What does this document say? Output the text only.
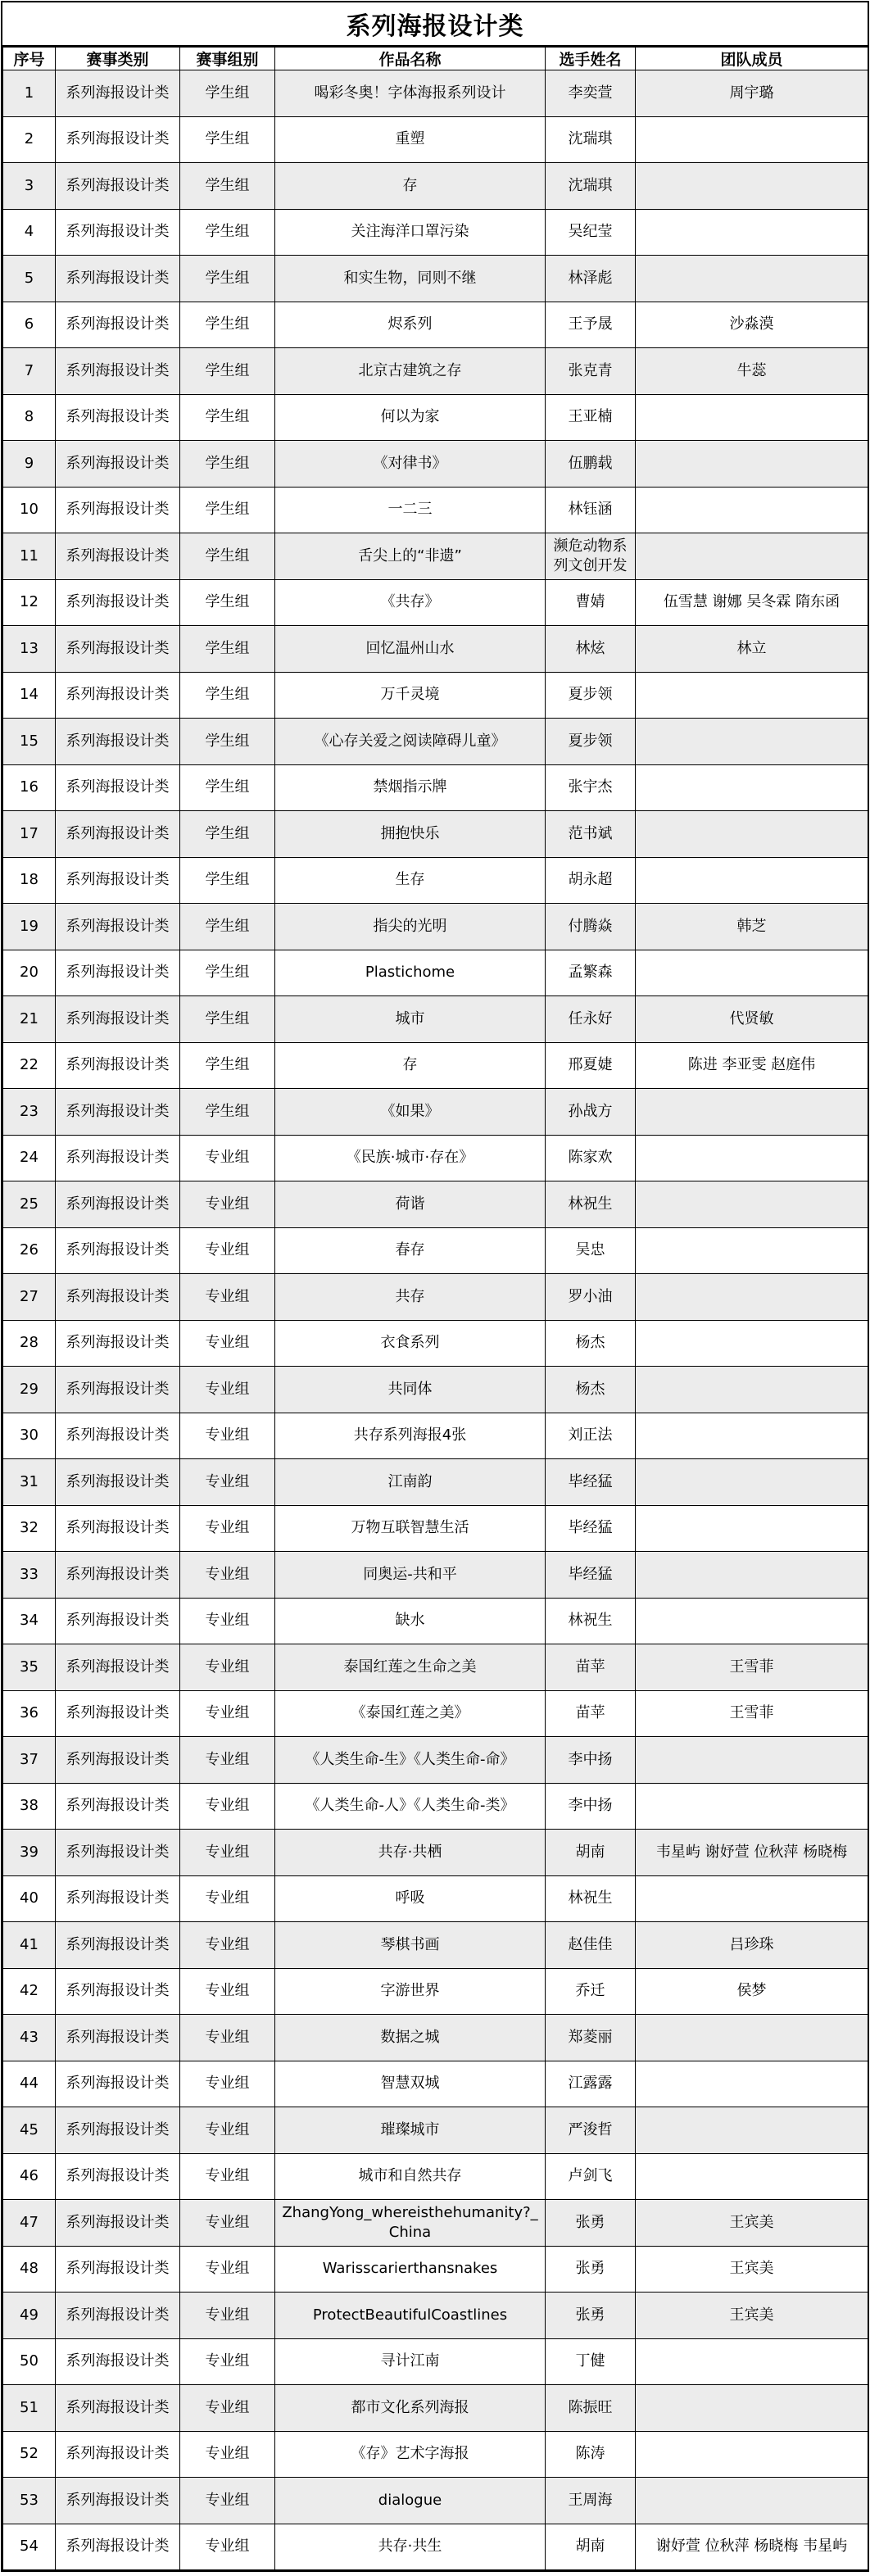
系列海报设计类
序号	赛事类别	赛事组别	作品名称	选手姓名	团队成员
1	系列海报设计类	学生组	喝彩冬奥！字体海报系列设计	李奕萱	周宇璐
2	系列海报设计类	学生组	重塑	沈瑞琪	
3	系列海报设计类	学生组	存	沈瑞琪	
4	系列海报设计类	学生组	关注海洋口罩污染	吴纪莹	
5	系列海报设计类	学生组	和实生物，同则不继	林泽彪	
6	系列海报设计类	学生组	烬系列	王予晟	沙淼漠
7	系列海报设计类	学生组	北京古建筑之存	张克青	牛蕊
8	系列海报设计类	学生组	何以为家	王亚楠	
9	系列海报设计类	学生组	《对律书》	伍鹏载	
10	系列海报设计类	学生组	一二三	林钰涵	
11	系列海报设计类	学生组	舌尖上的“非遗”	濒危动物系列文创开发	
12	系列海报设计类	学生组	《共存》	曹婧	伍雪慧 谢娜 吴冬霖 隋东函
13	系列海报设计类	学生组	回忆温州山水	林炫	林立
14	系列海报设计类	学生组	万千灵境	夏步领	
15	系列海报设计类	学生组	《心存关爱之阅读障碍儿童》	夏步领	
16	系列海报设计类	学生组	禁烟指示牌	张宇杰	
17	系列海报设计类	学生组	拥抱快乐	范书斌	
18	系列海报设计类	学生组	生存	胡永超	
19	系列海报设计类	学生组	指尖的光明	付腾焱	韩芝
20	系列海报设计类	学生组	Plastichome	孟繁森	
21	系列海报设计类	学生组	城市	任永好	代贤敏
22	系列海报设计类	学生组	存	邢夏婕	陈进 李亚雯 赵庭伟
23	系列海报设计类	学生组	《如果》	孙战方	
24	系列海报设计类	专业组	《民族·城市·存在》	陈家欢	
25	系列海报设计类	专业组	荷谐	林祝生	
26	系列海报设计类	专业组	春存	吴忠	
27	系列海报设计类	专业组	共存	罗小油	
28	系列海报设计类	专业组	衣食系列	杨杰	
29	系列海报设计类	专业组	共同体	杨杰	
30	系列海报设计类	专业组	共存系列海报4张	刘正法	
31	系列海报设计类	专业组	江南韵	毕经猛	
32	系列海报设计类	专业组	万物互联智慧生活	毕经猛	
33	系列海报设计类	专业组	同奥运-共和平	毕经猛	
34	系列海报设计类	专业组	缺水	林祝生	
35	系列海报设计类	专业组	泰国红莲之生命之美	苗苹	王雪菲
36	系列海报设计类	专业组	《泰国红莲之美》	苗苹	王雪菲
37	系列海报设计类	专业组	《人类生命-生》《人类生命-命》	李中扬	
38	系列海报设计类	专业组	《人类生命-人》《人类生命-类》	李中扬	
39	系列海报设计类	专业组	共存·共栖	胡南	韦星屿 谢妤萱 位秋萍 杨晓梅
40	系列海报设计类	专业组	呼吸	林祝生	
41	系列海报设计类	专业组	琴棋书画	赵佳佳	吕珍珠
42	系列海报设计类	专业组	字游世界	乔迁	侯梦
43	系列海报设计类	专业组	数据之城	郑菱丽	
44	系列海报设计类	专业组	智慧双城	江露露	
45	系列海报设计类	专业组	璀璨城市	严浚哲	
46	系列海报设计类	专业组	城市和自然共存	卢剑飞	
47	系列海报设计类	专业组	ZhangYong_whereisthehumanity?_China	张勇	王宾美
48	系列海报设计类	专业组	Warisscarierthansnakes	张勇	王宾美
49	系列海报设计类	专业组	ProtectBeautifulCoastlines	张勇	王宾美
50	系列海报设计类	专业组	寻计江南	丁健	
51	系列海报设计类	专业组	都市文化系列海报	陈振旺	
52	系列海报设计类	专业组	《存》艺术字海报	陈涛	
53	系列海报设计类	专业组	dialogue	王周海	
54	系列海报设计类	专业组	共存·共生	胡南	谢妤萱 位秋萍 杨晓梅 韦星屿
